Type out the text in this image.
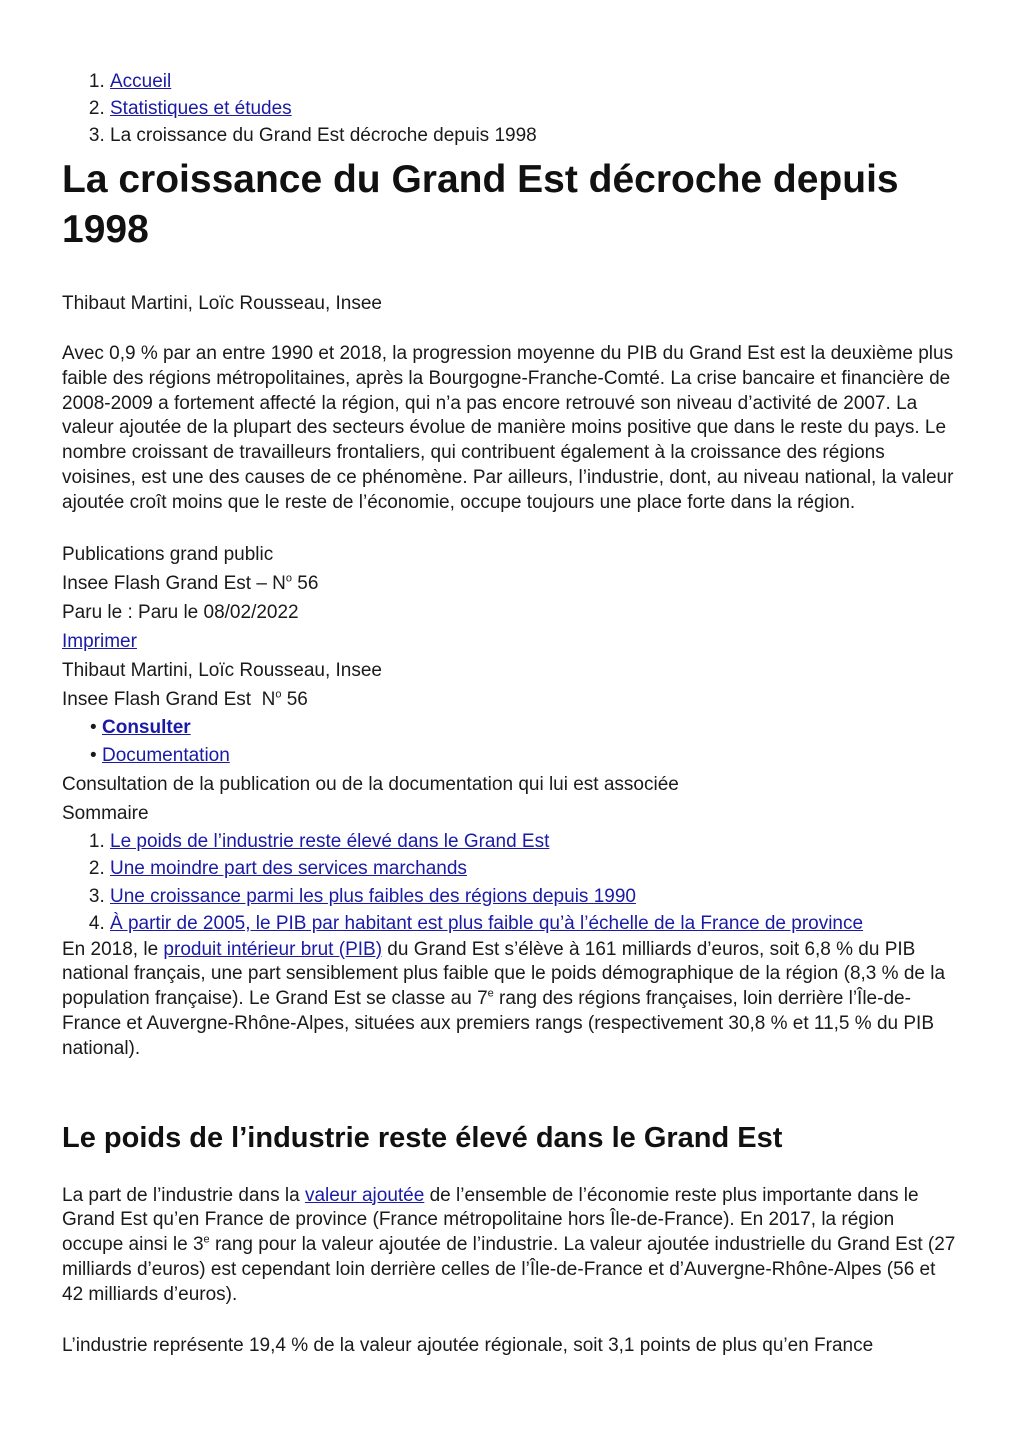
1. Accueil
2. Statistiques et études
3. La croissance du Grand Est décroche depuis 1998
La croissance du Grand Est décroche depuis 1998

Thibaut Martini, Loïc Rousseau, Insee

Avec 0,9 % par an entre 1990 et 2018, la progression moyenne du PIB du Grand Est est la deuxième plus faible des régions métropolitaines, après la Bourgogne-Franche-Comté. La crise bancaire et financière de 2008-2009 a fortement affecté la région, qui n’a pas encore retrouvé son niveau d’activité de 2007. La valeur ajoutée de la plupart des secteurs évolue de manière moins positive que dans le reste du pays. Le nombre croissant de travailleurs frontaliers, qui contribuent également à la croissance des régions voisines, est une des causes de ce phénomène. Par ailleurs, l’industrie, dont, au niveau national, la valeur ajoutée croît moins que le reste de l’économie, occupe toujours une place forte dans la région.

Publications grand public
Insee Flash Grand Est – $N^o$ 56
Paru le : Paru le 08/02/2022
Imprimer
Thibaut Martini, Loïc Rousseau, Insee
Insee Flash Grand Est  $N^o$ 56
• Consulter
• Documentation
Consultation de la publication ou de la documentation qui lui est associée
Sommaire
1. Le poids de l’industrie reste élevé dans le Grand Est
2. Une moindre part des services marchands
3. Une croissance parmi les plus faibles des régions depuis 1990
4. À partir de 2005, le PIB par habitant est plus faible qu’à l’échelle de la France de province

En 2018, le produit intérieur brut (PIB) du Grand Est s’élève à 161 milliards d’euros, soit 6,8 % du PIB national français, une part sensiblement plus faible que le poids démographique de la région (8,3 % de la population française). Le Grand Est se classe au 7e rang des régions françaises, loin derrière l’Île-de-France et Auvergne-Rhône-Alpes, situées aux premiers rangs (respectivement 30,8 % et 11,5 % du PIB national).

Le poids de l’industrie reste élevé dans le Grand Est

La part de l’industrie dans la valeur ajoutée de l’ensemble de l’économie reste plus importante dans le Grand Est qu’en France de province (France métropolitaine hors Île-de-France). En 2017, la région occupe ainsi le 3e rang pour la valeur ajoutée de l’industrie. La valeur ajoutée industrielle du Grand Est (27 milliards d’euros) est cependant loin derrière celles de l’Île-de-France et d’Auvergne-Rhône-Alpes (56 et 42 milliards d’euros).

L’industrie représente 19,4 % de la valeur ajoutée régionale, soit 3,1 points de plus qu’en France
